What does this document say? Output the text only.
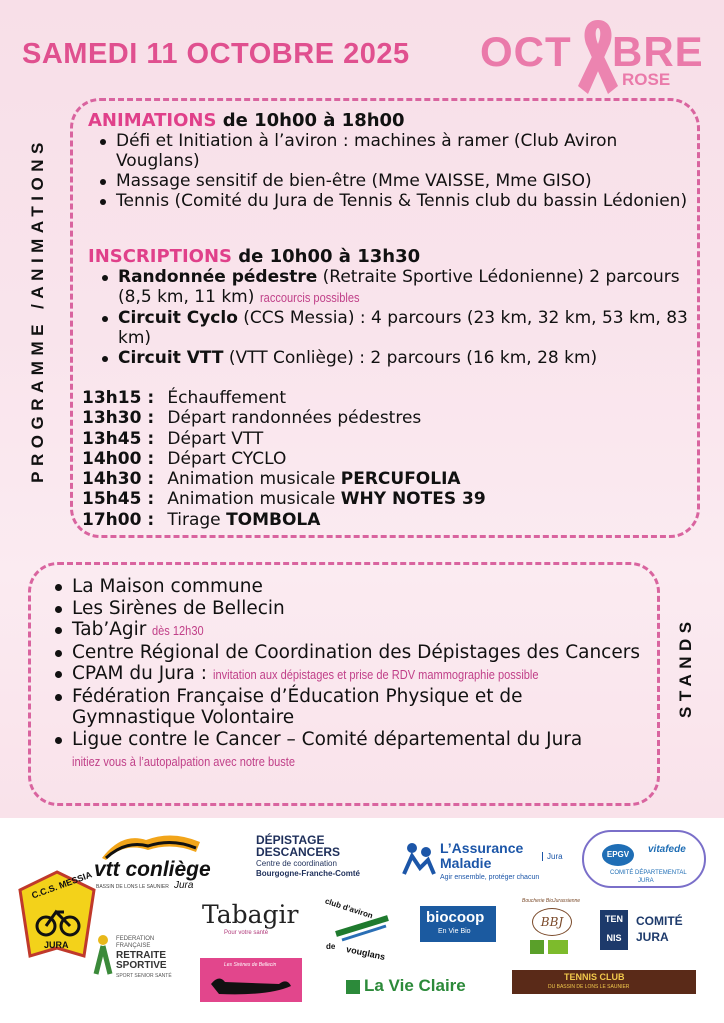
SAMEDI 11 OCTOBRE 2025 OCT BRE
ROSE
PROGRAMME /ANIMATIONS
STANDS
ANIMATIONS de 10h00 à 18h00
Défi et Initiation à l’aviron : machines à ramer (Club Aviron Vouglans)
Massage sensitif de bien-être (Mme VAISSE, Mme GISO)
Tennis (Comité du Jura de Tennis & Tennis club du bassin Lédonien)
INSCRIPTIONS de 10h00 à 13h30
Randonnée pédestre (Retraite Sportive Lédonienne) 2 parcours (8,5 km, 11 km) raccourcis possibles
Circuit Cyclo (CCS Messia) : 4 parcours (23 km, 32 km, 53 km, 83 km)
Circuit VTT (VTT Conliège) : 2 parcours (16 km, 28 km)
13h15 : Échauffement
13h30 : Départ randonnées pédestres
13h45 : Départ VTT
14h00 : Départ CYCLO
14h30 : Animation musicale PERCUFOLIA
15h45 : Animation musicale WHY NOTES 39
17h00 : Tirage TOMBOLA
La Maison commune
Les Sirènes de Bellecin
Tab’Agir dès 12h30
Centre Régional de Coordination des Dépistages des Cancers
CPAM du Jura : invitation aux dépistages et prise de RDV mammographie possible
Fédération Française d’Éducation Physique et de Gymnastique Volontaire
Ligue contre le Cancer – Comité départemental du Jura initiez vous à l’autopalpation avec notre buste
C.C.S. MESSIA
JURA
vtt conliège
Jura
BASSIN DE LONS LE SAUNIER
DÉPISTAGE
DESCANCERS
Centre de coordination
Bourgogne-Franche-Comté
L’Assurance
Maladie
Agir ensemble, protéger chacun
Jura	EPGV	vitafede
COMITÉ DÉPARTEMENTAL
JURA
FEDERATION
FRANÇAISE
RETRAITE
SPORTIVE
SPORT SENIOR SANTÉ
Tabagir
Pour votre santé
club d’aviron
de vouglans
biocoop
En Vie Bio
Boucherie BioJurassienne
BBJ	TEN
NIS
COMITÉ
JURA
Les Sirènes de Bellecin
La Vie Claire	TENNIS CLUB
DU BASSIN DE LONS LE SAUNIER
